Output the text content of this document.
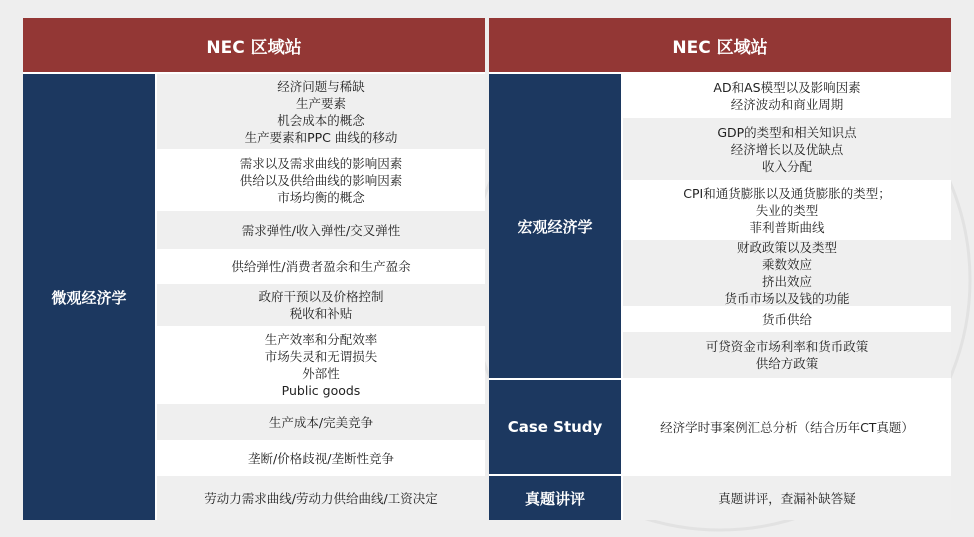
NEC 区域站
微观经济学
经济问题与稀缺
生产要素
机会成本的概念
生产要素和PPC 曲线的移动
需求以及需求曲线的影响因素
供给以及供给曲线的影响因素
市场均衡的概念
需求弹性/收入弹性/交叉弹性
供给弹性/消费者盈余和生产盈余
政府干预以及价格控制
税收和补贴
生产效率和分配效率
市场失灵和无谓损失
外部性
Public goods
生产成本/完美竞争
垄断/价格歧视/垄断性竞争
劳动力需求曲线/劳动力供给曲线/工资决定
NEC 区域站
宏观经济学
Case Study
真题讲评
AD和AS模型以及影响因素
经济波动和商业周期
GDP的类型和相关知识点
经济增长以及优缺点
收入分配
CPI和通货膨胀以及通货膨胀的类型；
失业的类型
菲利普斯曲线
财政政策以及类型
乘数效应
挤出效应
货币市场以及钱的功能
货币供给
可贷资金市场利率和货币政策
供给方政策
经济学时事案例汇总分析（结合历年CT真题）
真题讲评，查漏补缺答疑
